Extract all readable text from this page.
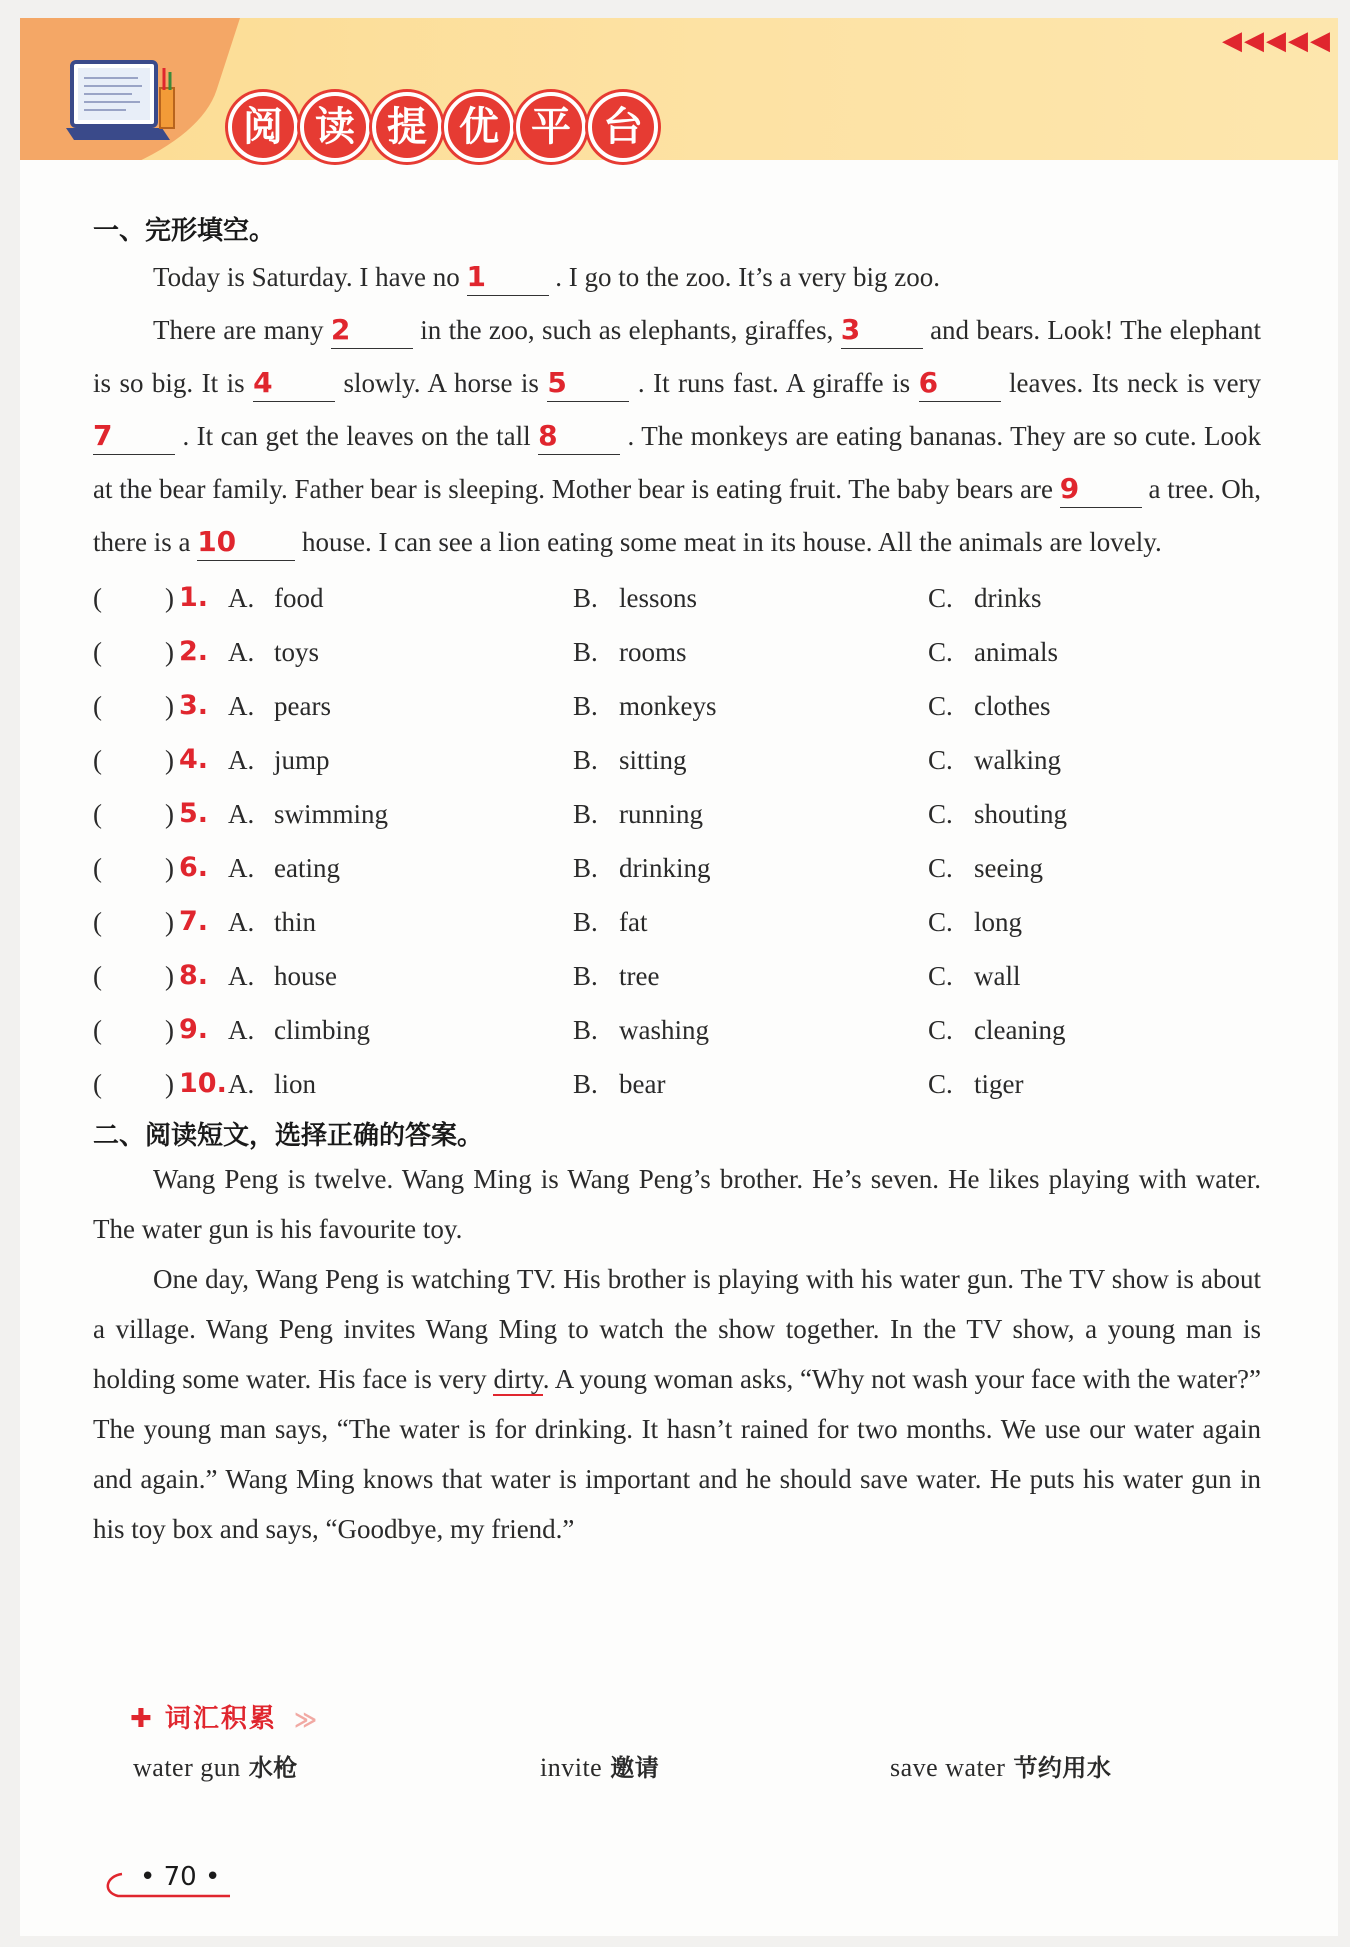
◀◀◀◀◀
阅 读 提 优 平 台
一、完形填空。
Today is Saturday. I have no 1	. I go to the zoo. It’s a very big zoo.
There are many 2	in the zoo, such as elephants, giraffes, 3	and bears. Look! The elephant is so big. It is 4	slowly. A horse is 5	. It runs fast. A giraffe is 6	leaves. Its neck is very 7	. It can get the leaves on the tall 8	. The monkeys are eating bananas. They are so cute. Look at the bear family. Father bear is sleeping. Mother bear is eating fruit. The baby bears are 9	a tree. Oh, there is a 10 house. I can see a lion eating some meat in its house. All the animals are lovely.
( ) 1. A. food	B. lessons	C. drinks
( ) 2. A. toys	B. rooms	C. animals
( ) 3. A. pears	B. monkeys	C. clothes
( ) 4. A. jump	B. sitting	C. walking
( ) 5. A. swimming	B. running	C. shouting
( ) 6. A. eating	B. drinking	C. seeing
( ) 7. A. thin	B. fat	C. long
( ) 8. A. house	B. tree	C. wall
( ) 9. A. climbing	B. washing	C. cleaning
( ) 10. A. lion	B. bear	C. tiger
二、阅读短文，选择正确的答案。
Wang Peng is twelve. Wang Ming is Wang Peng’s brother. He’s seven. He likes playing with water. The water gun is his favourite toy.
One day, Wang Peng is watching TV. His brother is playing with his water gun. The TV show is about a village. Wang Peng invites Wang Ming to watch the show together. In the TV show, a young man is holding some water. His face is very dirty. A young woman asks, “Why not wash your face with the water?” The young man says, “The water is for drinking. It hasn’t rained for two months. We use our water again and again.” Wang Ming knows that water is important and he should save water. He puts his water gun in his toy box and says, “Goodbye, my friend.”
✚ 词汇积累 ≫
water gun 水枪	invite 邀请	save water 节约用水
• 70 •
